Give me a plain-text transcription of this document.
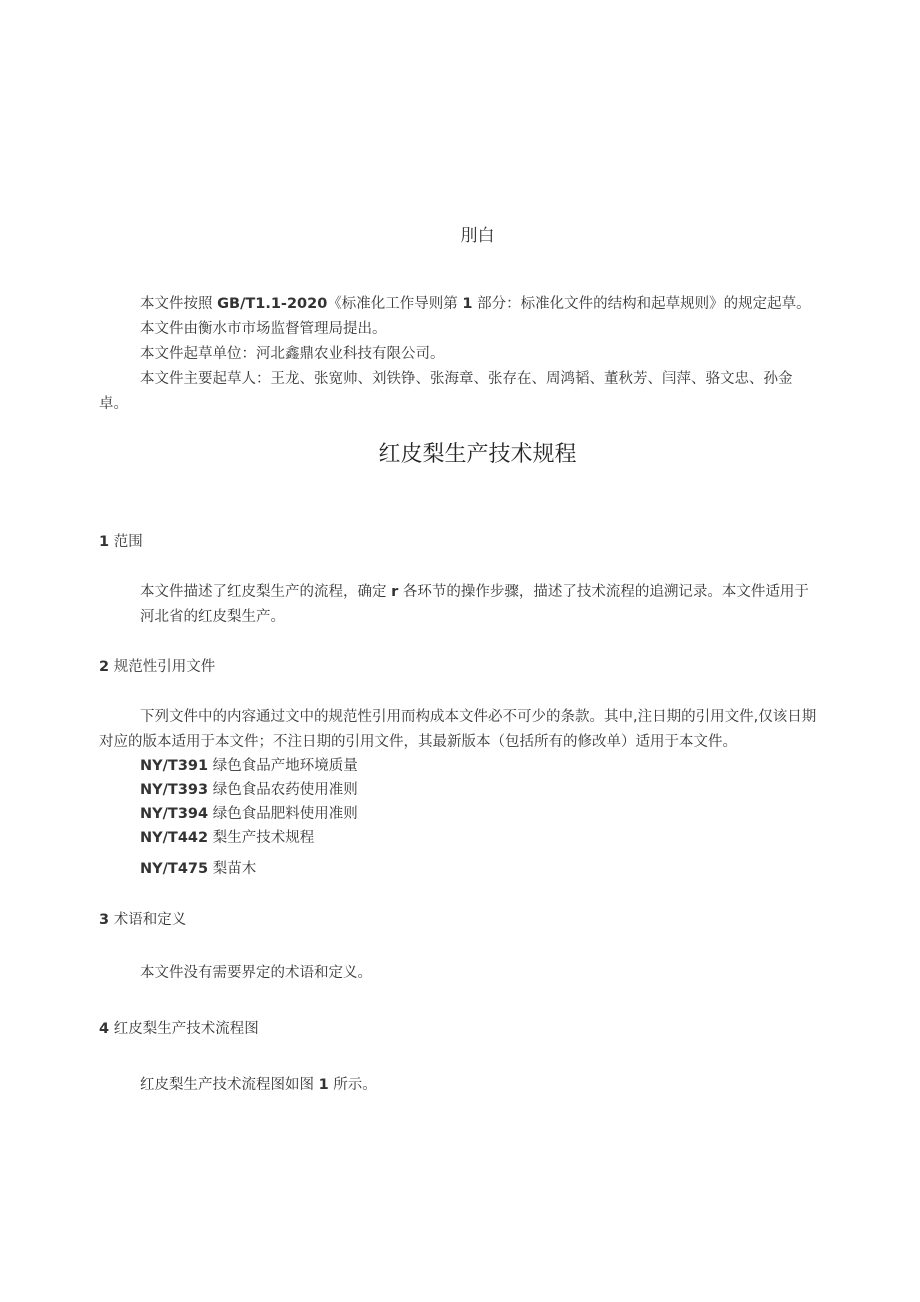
刖白
本文件按照 GB/T1.1-2020《标准化工作导则第 1 部分：标准化文件的结构和起草规则》的规定起草。
本文件由衡水市市场监督管理局提出。
本文件起草单位：河北鑫鼎农业科技有限公司。
本文件主要起草人：王龙、张宽帅、刘铁铮、张海章、张存在、周鸿韬、董秋芳、闫萍、骆文忠、孙金
卓。
红皮梨生产技术规程
1 范围
本文件描述了红皮梨生产的流程，确定 r 各环节的操作步骤，描述了技术流程的追溯记录。本文件适用于
河北省的红皮梨生产。
2 规范性引用文件
下列文件中的内容通过文中的规范性引用而构成本文件必不可少的条款。其中,注日期的引用文件,仅该日期
对应的版本适用于本文件；不注日期的引用文件，其最新版本（包括所有的修改单）适用于本文件。
NY/T391 绿色食品产地环境质量
NY/T393 绿色食品农药使用准则
NY/T394 绿色食品肥料使用准则
NY/T442 梨生产技术规程
NY/T475 梨苗木
3 术语和定义
本文件没有需要界定的术语和定义。
4 红皮梨生产技术流程图
红皮梨生产技术流程图如图 1 所示。
